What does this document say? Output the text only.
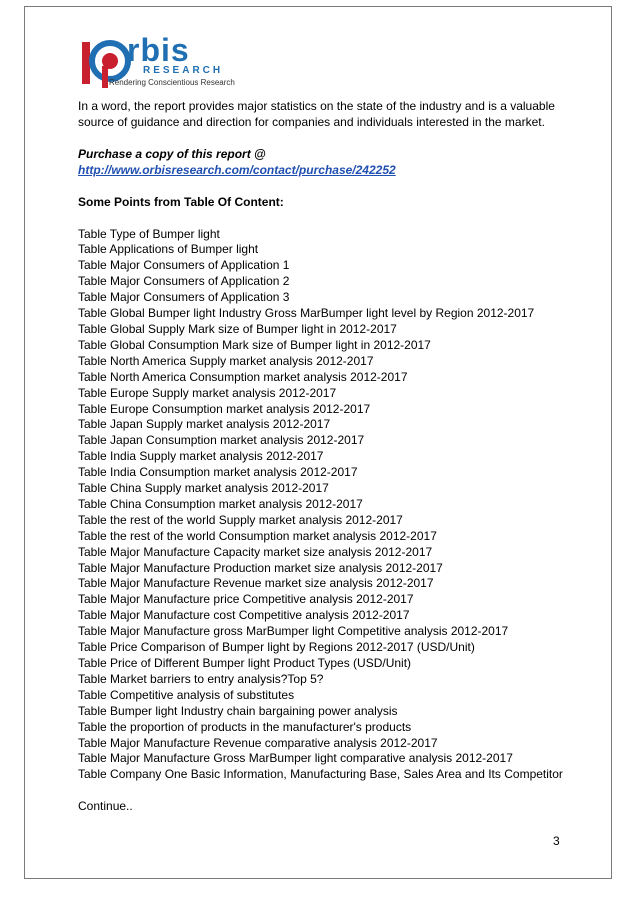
rbis
RESEARCH
Rendering Conscientious Research

In a word, the report provides major statistics on the state of the industry and is a valuable source of guidance and direction for companies and individuals interested in the market.

Purchase a copy of this report @

http://www.orbisresearch.com/contact/purchase/242252

Some Points from Table Of Content:

Table Type of Bumper light
Table Applications of Bumper light
Table Major Consumers of Application 1
Table Major Consumers of Application 2
Table Major Consumers of Application 3
Table Global Bumper light Industry Gross MarBumper light level by Region 2012-2017
Table Global Supply Mark size of Bumper light in 2012-2017
Table Global Consumption Mark size of Bumper light in 2012-2017
Table North America Supply market analysis 2012-2017
Table North America Consumption market analysis 2012-2017
Table Europe Supply market analysis 2012-2017
Table Europe Consumption market analysis 2012-2017
Table Japan Supply market analysis 2012-2017
Table Japan Consumption market analysis 2012-2017
Table India Supply market analysis 2012-2017
Table India Consumption market analysis 2012-2017
Table China Supply market analysis 2012-2017
Table China Consumption market analysis 2012-2017
Table the rest of the world Supply market analysis 2012-2017
Table the rest of the world Consumption market analysis 2012-2017
Table Major Manufacture Capacity market size analysis 2012-2017
Table Major Manufacture Production market size analysis 2012-2017
Table Major Manufacture Revenue market size analysis 2012-2017
Table Major Manufacture price Competitive analysis 2012-2017
Table Major Manufacture cost Competitive analysis 2012-2017
Table Major Manufacture gross MarBumper light Competitive analysis 2012-2017
Table Price Comparison of Bumper light by Regions 2012-2017 (USD/Unit)
Table Price of Different Bumper light Product Types (USD/Unit)
Table Market barriers to entry analysis?Top 5?
Table Competitive analysis of substitutes
Table Bumper light Industry chain bargaining power analysis
Table the proportion of products in the manufacturer's products
Table Major Manufacture Revenue comparative analysis 2012-2017
Table Major Manufacture Gross MarBumper light comparative analysis 2012-2017
Table Company One Basic Information, Manufacturing Base, Sales Area and Its Competitor

Continue..

3
